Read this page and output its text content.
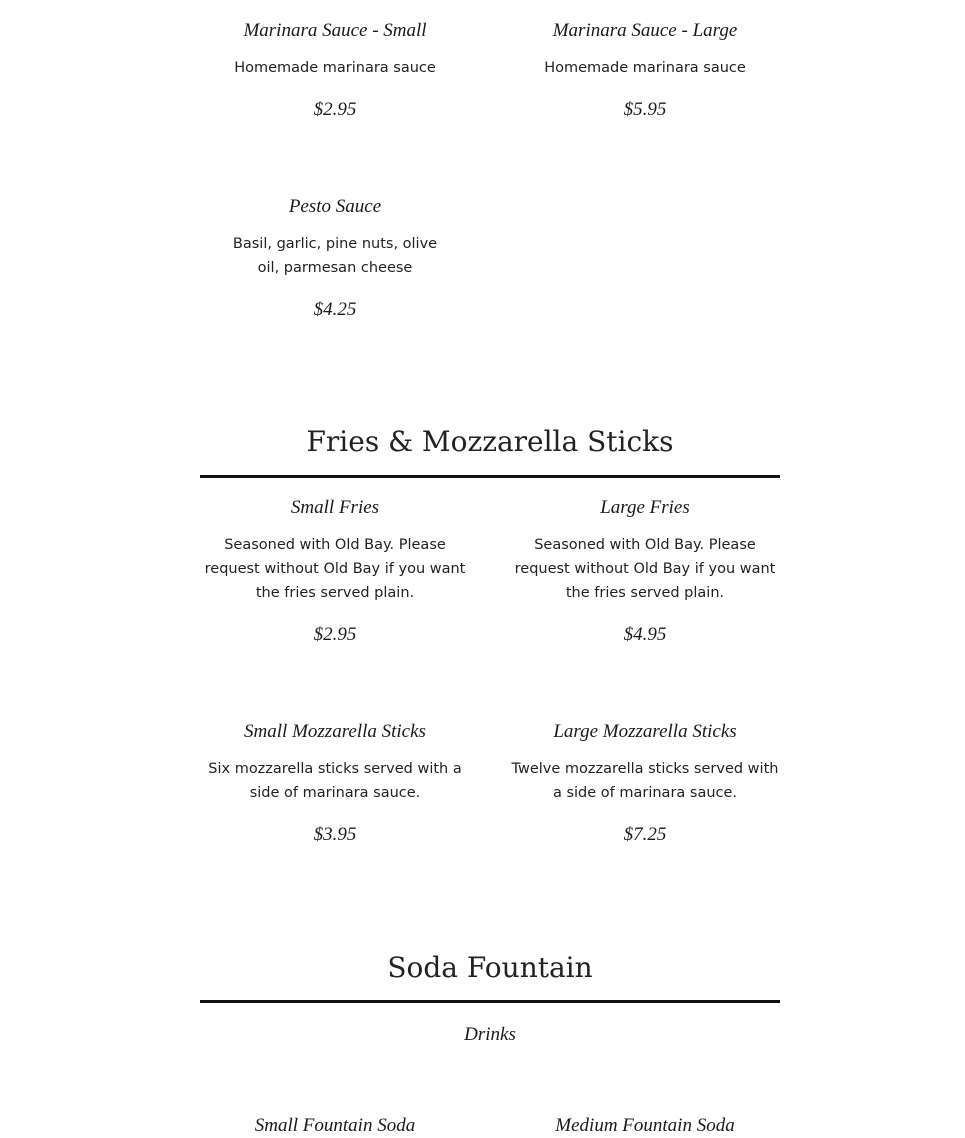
Marinara Sauce - Small

Homemade marinara sauce

$2.95

Marinara Sauce - Large

Homemade marinara sauce

$5.95

Pesto Sauce

Basil, garlic, pine nuts, olive oil, parmesan cheese

$4.25

Fries & Mozzarella Sticks

Small Fries

Seasoned with Old Bay. Please request without Old Bay if you want the fries served plain.

$2.95

Large Fries

Seasoned with Old Bay. Please request without Old Bay if you want the fries served plain.

$4.95

Small Mozzarella Sticks

Six mozzarella sticks served with a side of marinara sauce.

$3.95

Large Mozzarella Sticks

Twelve mozzarella sticks served with a side of marinara sauce.

$7.25

Soda Fountain
Drinks

Small Fountain Soda	Medium Fountain Soda
